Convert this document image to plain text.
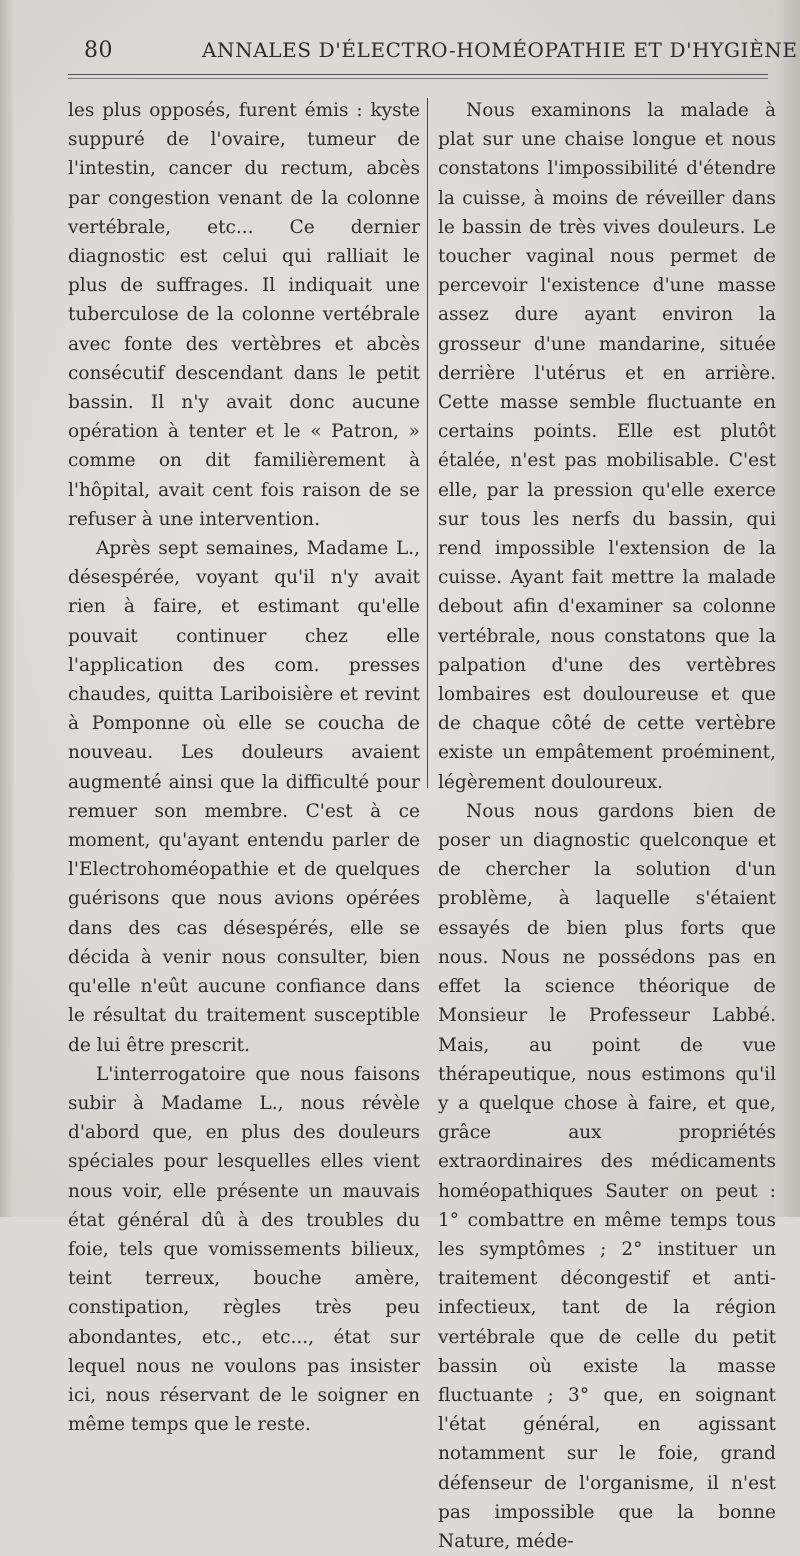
80	ANNALES D'ÉLECTRO-HOMÉOPATHIE ET D'HYGIÈNE

les plus opposés, furent émis : kyste suppuré de l'ovaire, tumeur de l'intestin, cancer du rectum, abcès par congestion venant de la colonne vertébrale, etc... Ce dernier diagnostic est celui qui ralliait le plus de suffrages. Il indiquait une tuberculose de la colonne vertébrale avec fonte des vertèbres et abcès consécutif descendant dans le petit bassin. Il n'y avait donc aucune opération à tenter et le « Patron, » comme on dit familièrement à l'hôpital, avait cent fois raison de se refuser à une intervention.

Après sept semaines, Madame L., désespérée, voyant qu'il n'y avait rien à faire, et estimant qu'elle pouvait continuer chez elle l'application des com. presses chaudes, quitta Lariboisière et revint à Pomponne où elle se coucha de nouveau. Les douleurs avaient augmenté ainsi que la difficulté pour remuer son membre. C'est à ce moment, qu'ayant entendu parler de l'Electrohoméopathie et de quelques guérisons que nous avions opérées dans des cas désespérés, elle se décida à venir nous consulter, bien qu'elle n'eût aucune confiance dans le résultat du traitement susceptible de lui être prescrit.

L'interrogatoire que nous faisons subir à Madame L., nous révèle d'abord que, en plus des douleurs spéciales pour lesquelles elles vient nous voir, elle présente un mauvais état général dû à des troubles du foie, tels que vomissements bilieux, teint terreux, bouche amère, constipation, règles très peu abondantes, etc., etc..., état sur lequel nous ne voulons pas insister ici, nous réservant de le soigner en même temps que le reste.

Nous examinons la malade à plat sur une chaise longue et nous constatons l'impossibilité d'étendre la cuisse, à moins de réveiller dans le bassin de très vives douleurs. Le toucher vaginal nous permet de percevoir l'existence d'une masse assez dure ayant environ la grosseur d'une mandarine, située derrière l'utérus et en arrière. Cette masse semble fluctuante en certains points. Elle est plutôt étalée, n'est pas mobilisable. C'est elle, par la pression qu'elle exerce sur tous les nerfs du bassin, qui rend impossible l'extension de la cuisse. Ayant fait mettre la malade debout afin d'examiner sa colonne vertébrale, nous constatons que la palpation d'une des vertèbres lombaires est douloureuse et que de chaque côté de cette vertèbre existe un empâtement proéminent, légèrement douloureux.

Nous nous gardons bien de poser un diagnostic quelconque et de chercher la solution d'un problème, à laquelle s'étaient essayés de bien plus forts que nous. Nous ne possédons pas en effet la science théorique de Monsieur le Professeur Labbé. Mais, au point de vue thérapeutique, nous estimons qu'il y a quelque chose à faire, et que, grâce aux propriétés extraordinaires des médicaments homéopathiques Sauter on peut : 1° combattre en même temps tous les symptômes ; 2° instituer un traitement décongestif et anti-infectieux, tant de la région vertébrale que de celle du petit bassin où existe la masse fluctuante ; 3° que, en soignant l'état général, en agissant notamment sur le foie, grand défenseur de l'organisme, il n'est pas impossible que la bonne Nature, méde-
